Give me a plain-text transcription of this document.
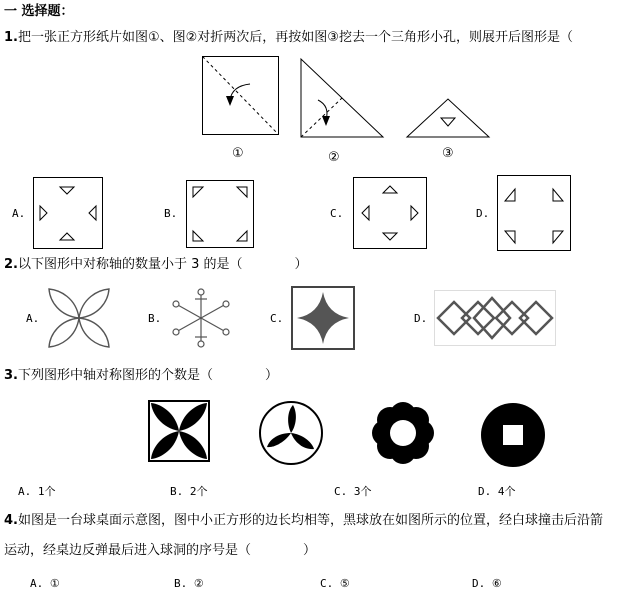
一 选择题：
1.把一张正方形纸片如图①、图②对折两次后，再按如图③挖去一个三角形小孔，则展开后图形是（
①	②	③
A.	B.	C.	D.
2.以下图形中对称轴的数量小于 3 的是（　　　　）
A.	B.	C.	D.
3.下列图形中轴对称图形的个数是（　　　　）
A. 1个	B. 2个	C. 3个	D. 4个
4.如图是一台球桌面示意图，图中小正方形的边长均相等，黑球放在如图所示的位置，经白球撞击后沿箭
运动，经桌边反弹最后进入球洞的序号是（　　　　）
A. ①	B. ②	C. ⑤	D. ⑥
